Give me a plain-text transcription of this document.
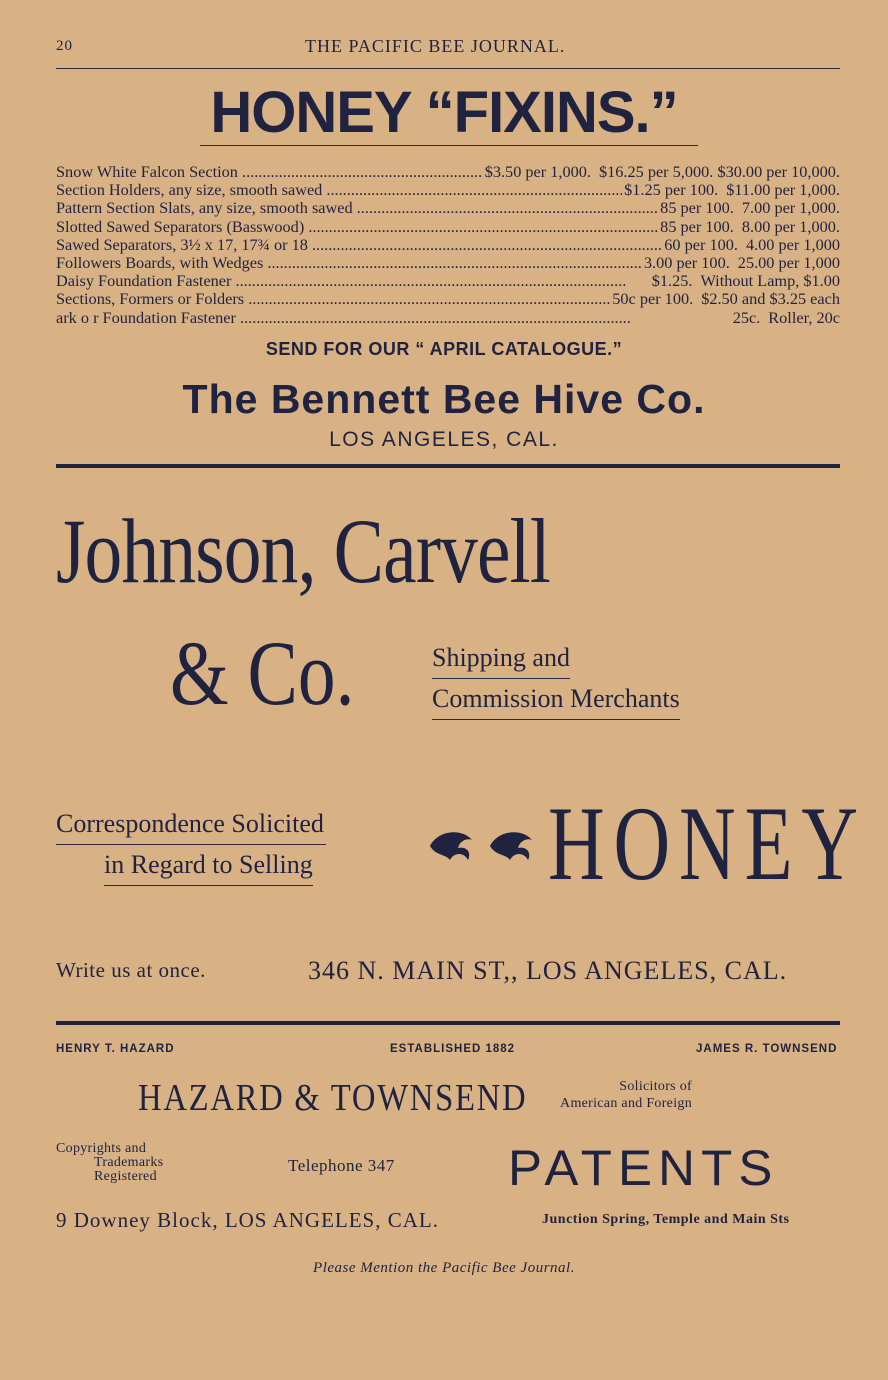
20	THE PACIFIC BEE JOURNAL.
HONEY “FIXINS.”
Snow White Falcon Section .....	$3.50 per 1,000. $16.25 per 5,000. $30.00 per 10,000.
Section Holders, any size, smooth sawed .....	$1.25 per 100. $11.00 per 1,000.
Pattern Section Slats, any size, smooth sawed .....	85 per 100. 7.00 per 1,000.
Slotted Sawed Separators (Basswood) .....	85 per 100. 8.00 per 1,000.
Sawed Separators, 3½ x 17, 17¾ or 18 .....	60 per 100. 4.00 per 1,000
Followers Boards, with Wedges .....	3.00 per 100. 25.00 per 1,000
Daisy Foundation Fastener .....	$1.25. Without Lamp, $1.00
Sections, Formers or Folders .....	50c per 100. $2.50 and $3.25 each
ark o r Foundation Fastener .....	25c. Roller, 20c
SEND FOR OUR “ APRIL CATALOGUE.”
The Bennett Bee Hive Co.
LOS ANGELES, CAL.
Johnson, Carvell
& Co.	Shipping and
Commission Merchants
Correspondence Solicited
in Regard to Selling HONEY
Write us at once.	346 N. MAIN ST,, LOS ANGELES, CAL.
HENRY T. HAZARD	ESTABLISHED 1882	JAMES R. TOWNSEND
HAZARD & TOWNSEND	Solicitors of
American and Foreign
Copyrights and
Trademarks
Registered
Telephone 347 PATENTS
9 Downey Block, LOS ANGELES, CAL.	Junction Spring, Temple and Main Sts
Please Mention the Pacific Bee Journal.
